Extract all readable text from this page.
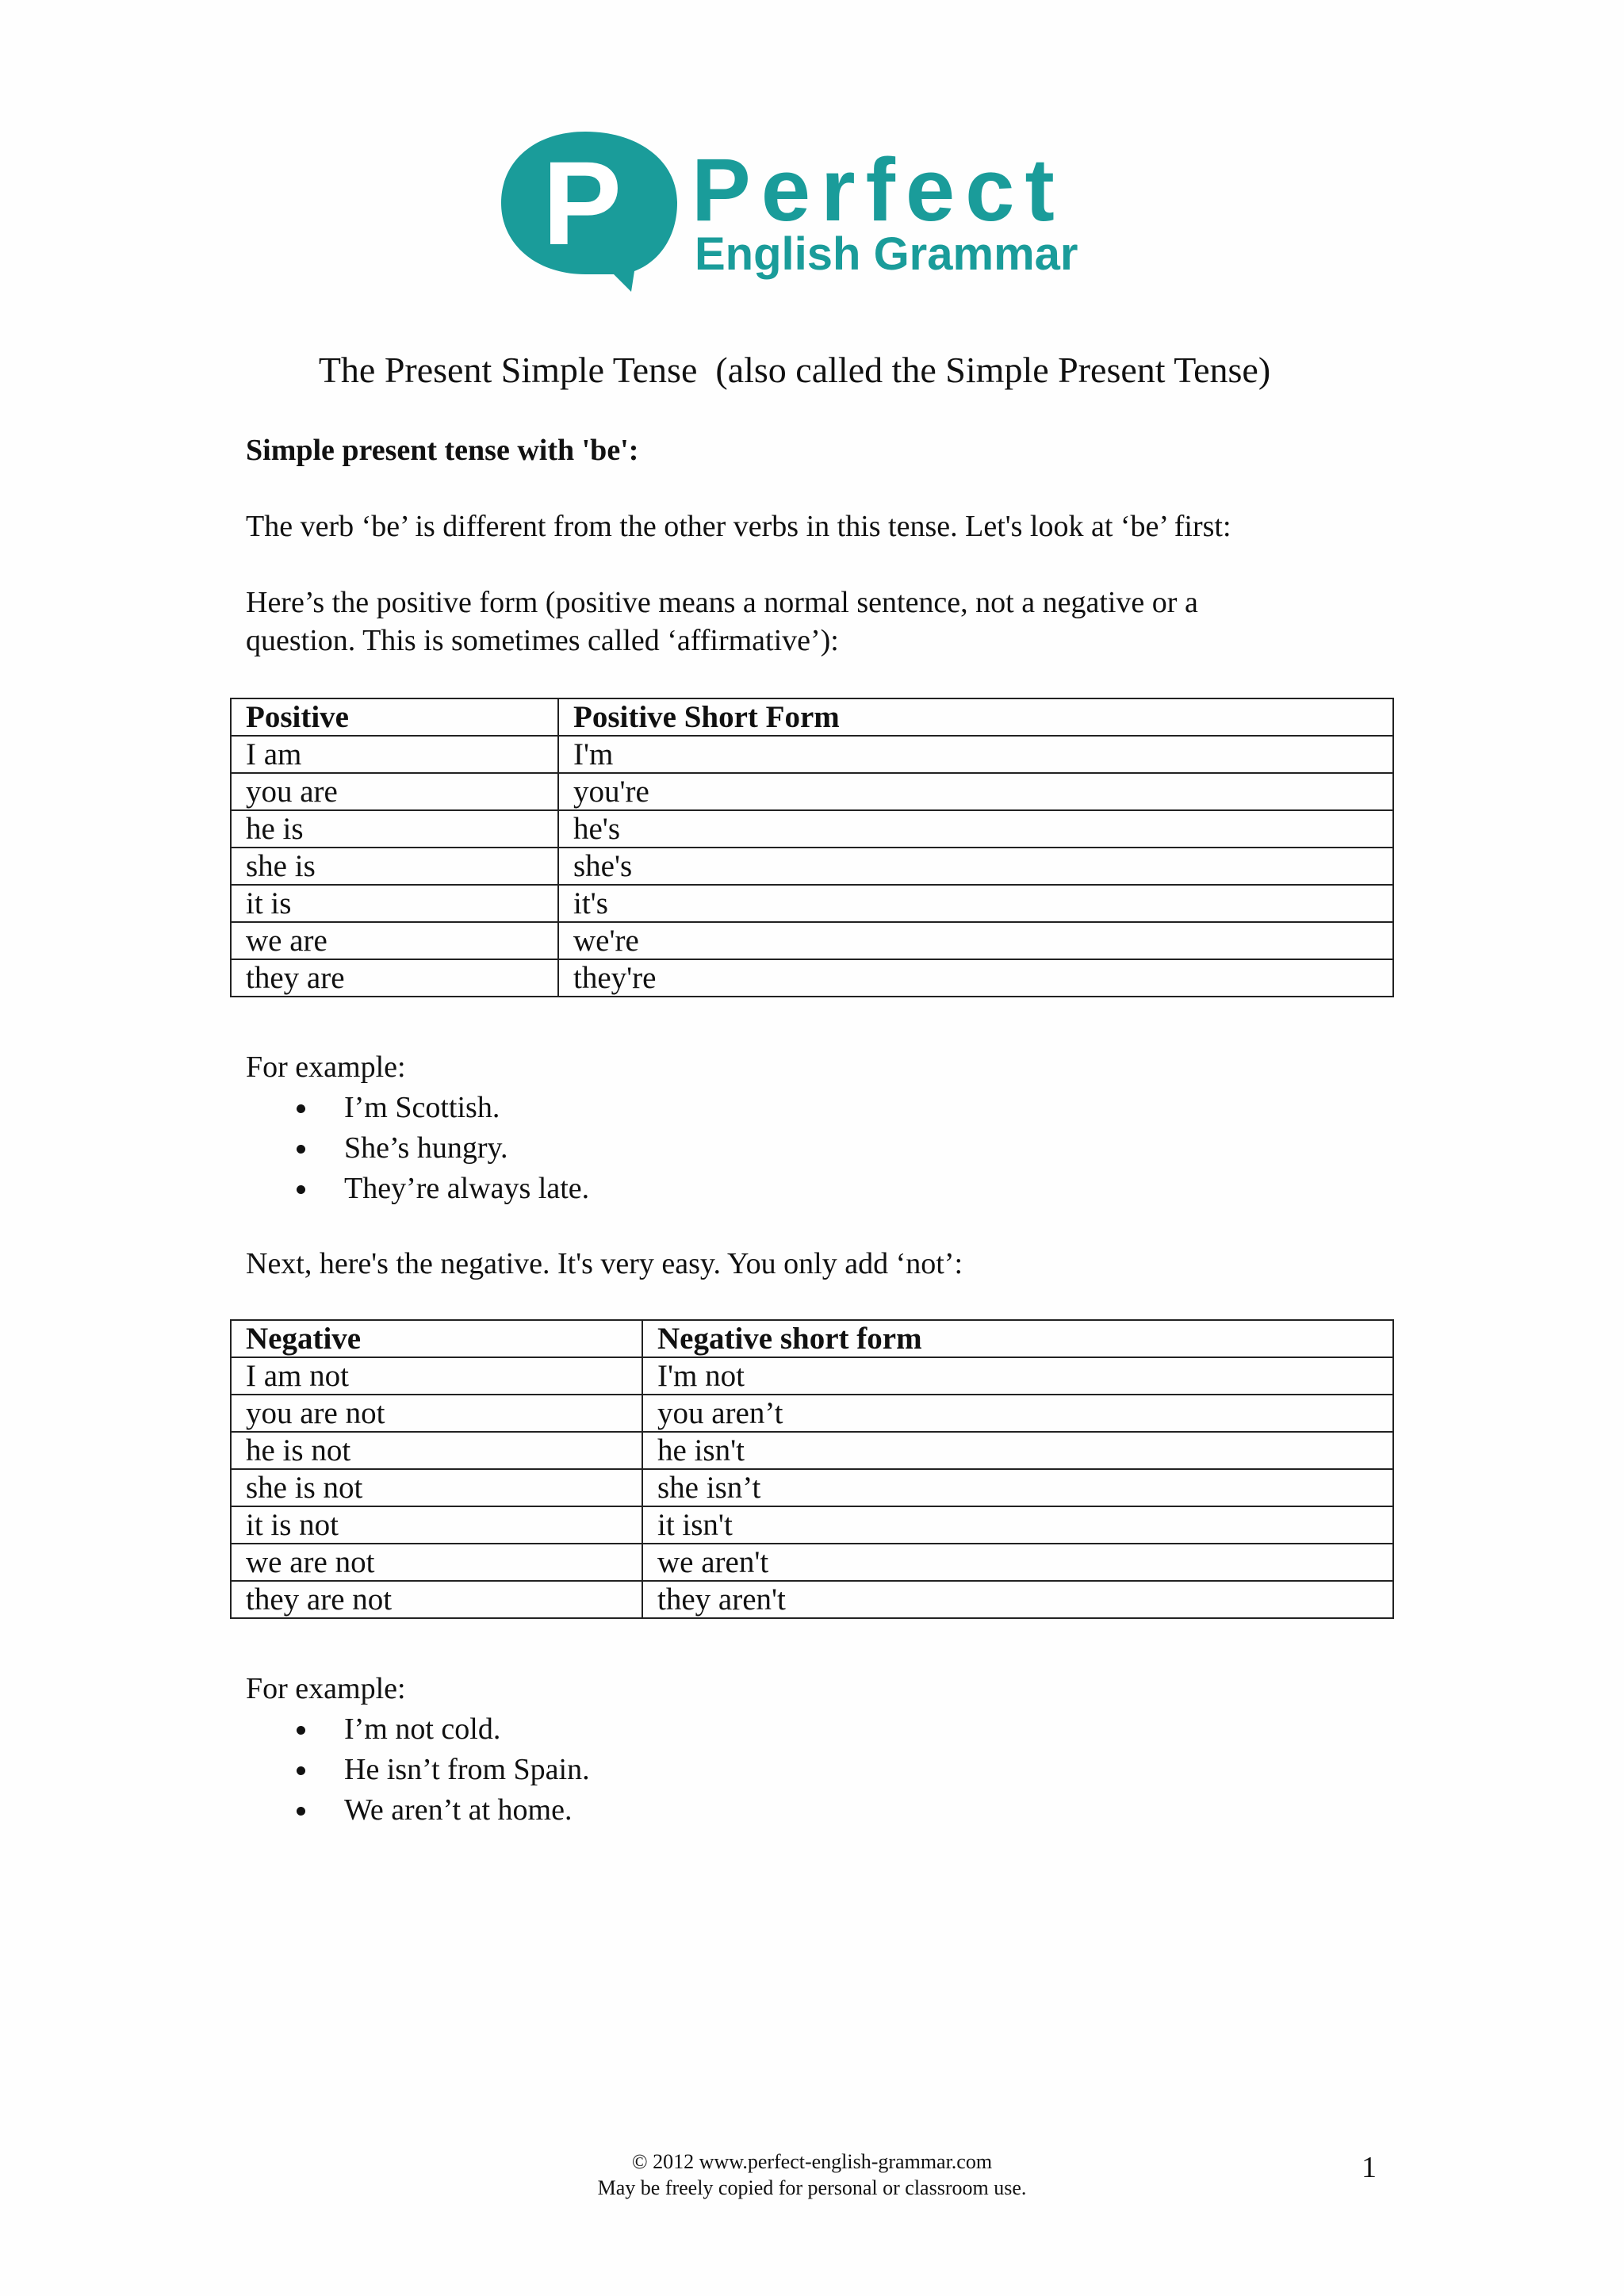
P Perfect
English Grammar
The Present Simple Tense  (also called the Simple Present Tense)

Simple present tense with 'be':

The verb ‘be’ is different from the other verbs in this tense. Let's look at ‘be’ first:

Here’s the positive form (positive means a normal sentence, not a negative or a
question. This is sometimes called ‘affirmative’):

Positive	Positive Short Form
I am	I'm
you are	you're
he is	he's
she is	she's
it is	it's
we are	we're
they are	they're

For example:

I’m Scottish.
She’s hungry.
They’re always late.

Next, here's the negative. It's very easy. You only add ‘not’:

Negative	Negative short form
I am not	I'm not
you are not	you aren’t
he is not	he isn't
she is not	she isn’t
it is not	it isn't
we are not	we aren't
they are not	they aren't

For example:

I’m not cold.
He isn’t from Spain.
We aren’t at home.
© 2012 www.perfect-english-grammar.com
May be freely copied for personal or classroom use.
1
